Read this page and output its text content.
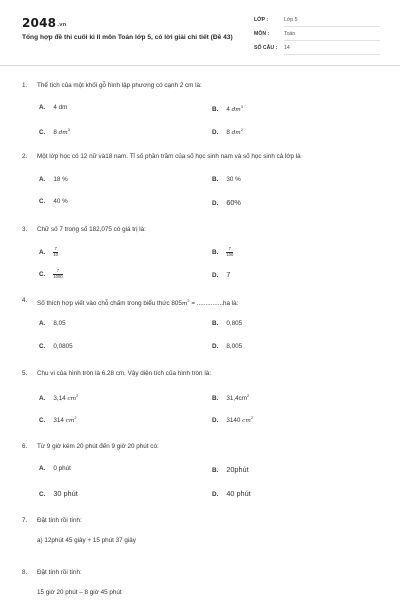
$2048^{.vn}$
Tổng hợp đề thi cuối kì II môn Toán lớp 5, có lời giải chi tiết (Đề 43)
LỚP :	Lớp 5
MÔN :	Toán
SỐ CÂU :	14
1. Thể tích của một khối gỗ hình lập phương có cạnh 2 cm là:
A. 4 dm	B. 4 $dm^3$
C. 8 $dm^3$	D. 8 $dm^2$
2. Một lớp học có 12 nữ và18 nam. Tỉ số phần trăm của số học sinh nam và số học sinh cả lớp là
A. 18 %	B. 30 %
C. 40 %	D. 60%
3. Chữ số 7 trong số 182,075 có giá trị là:
A. $\frac{7}{10}$	B. $\frac{7}{100}$
C. $\frac{7}{1000}$	D. 7
4. Số thích hợp viết vào chỗ chấm trong biểu thức $805m^2 = ...............ha$ là:
A. 8,05	B. 0,805
C. 0,0805	D. 8,005
5. Chu vi của hình tròn là 6.28 cm. Vậy diện tích của hình tròn là:
A. 3,14 $cm^2$	B. $31,4cm^2$
C. 314 $cm^2$	D. 3140 $cm^2$
6. Từ 9 giờ kém 20 phút đến 9 giờ 20 phút có:
A. 0 phút	B. 20phút
C. 30 phút	D. 40 phút
7. Đặt tính rồi tính:
a) 12phút 45 giây + 15 phút 37 giây
8. Đặt tính rồi tính:
15 giờ 20 phút – 8 giờ 45 phút
